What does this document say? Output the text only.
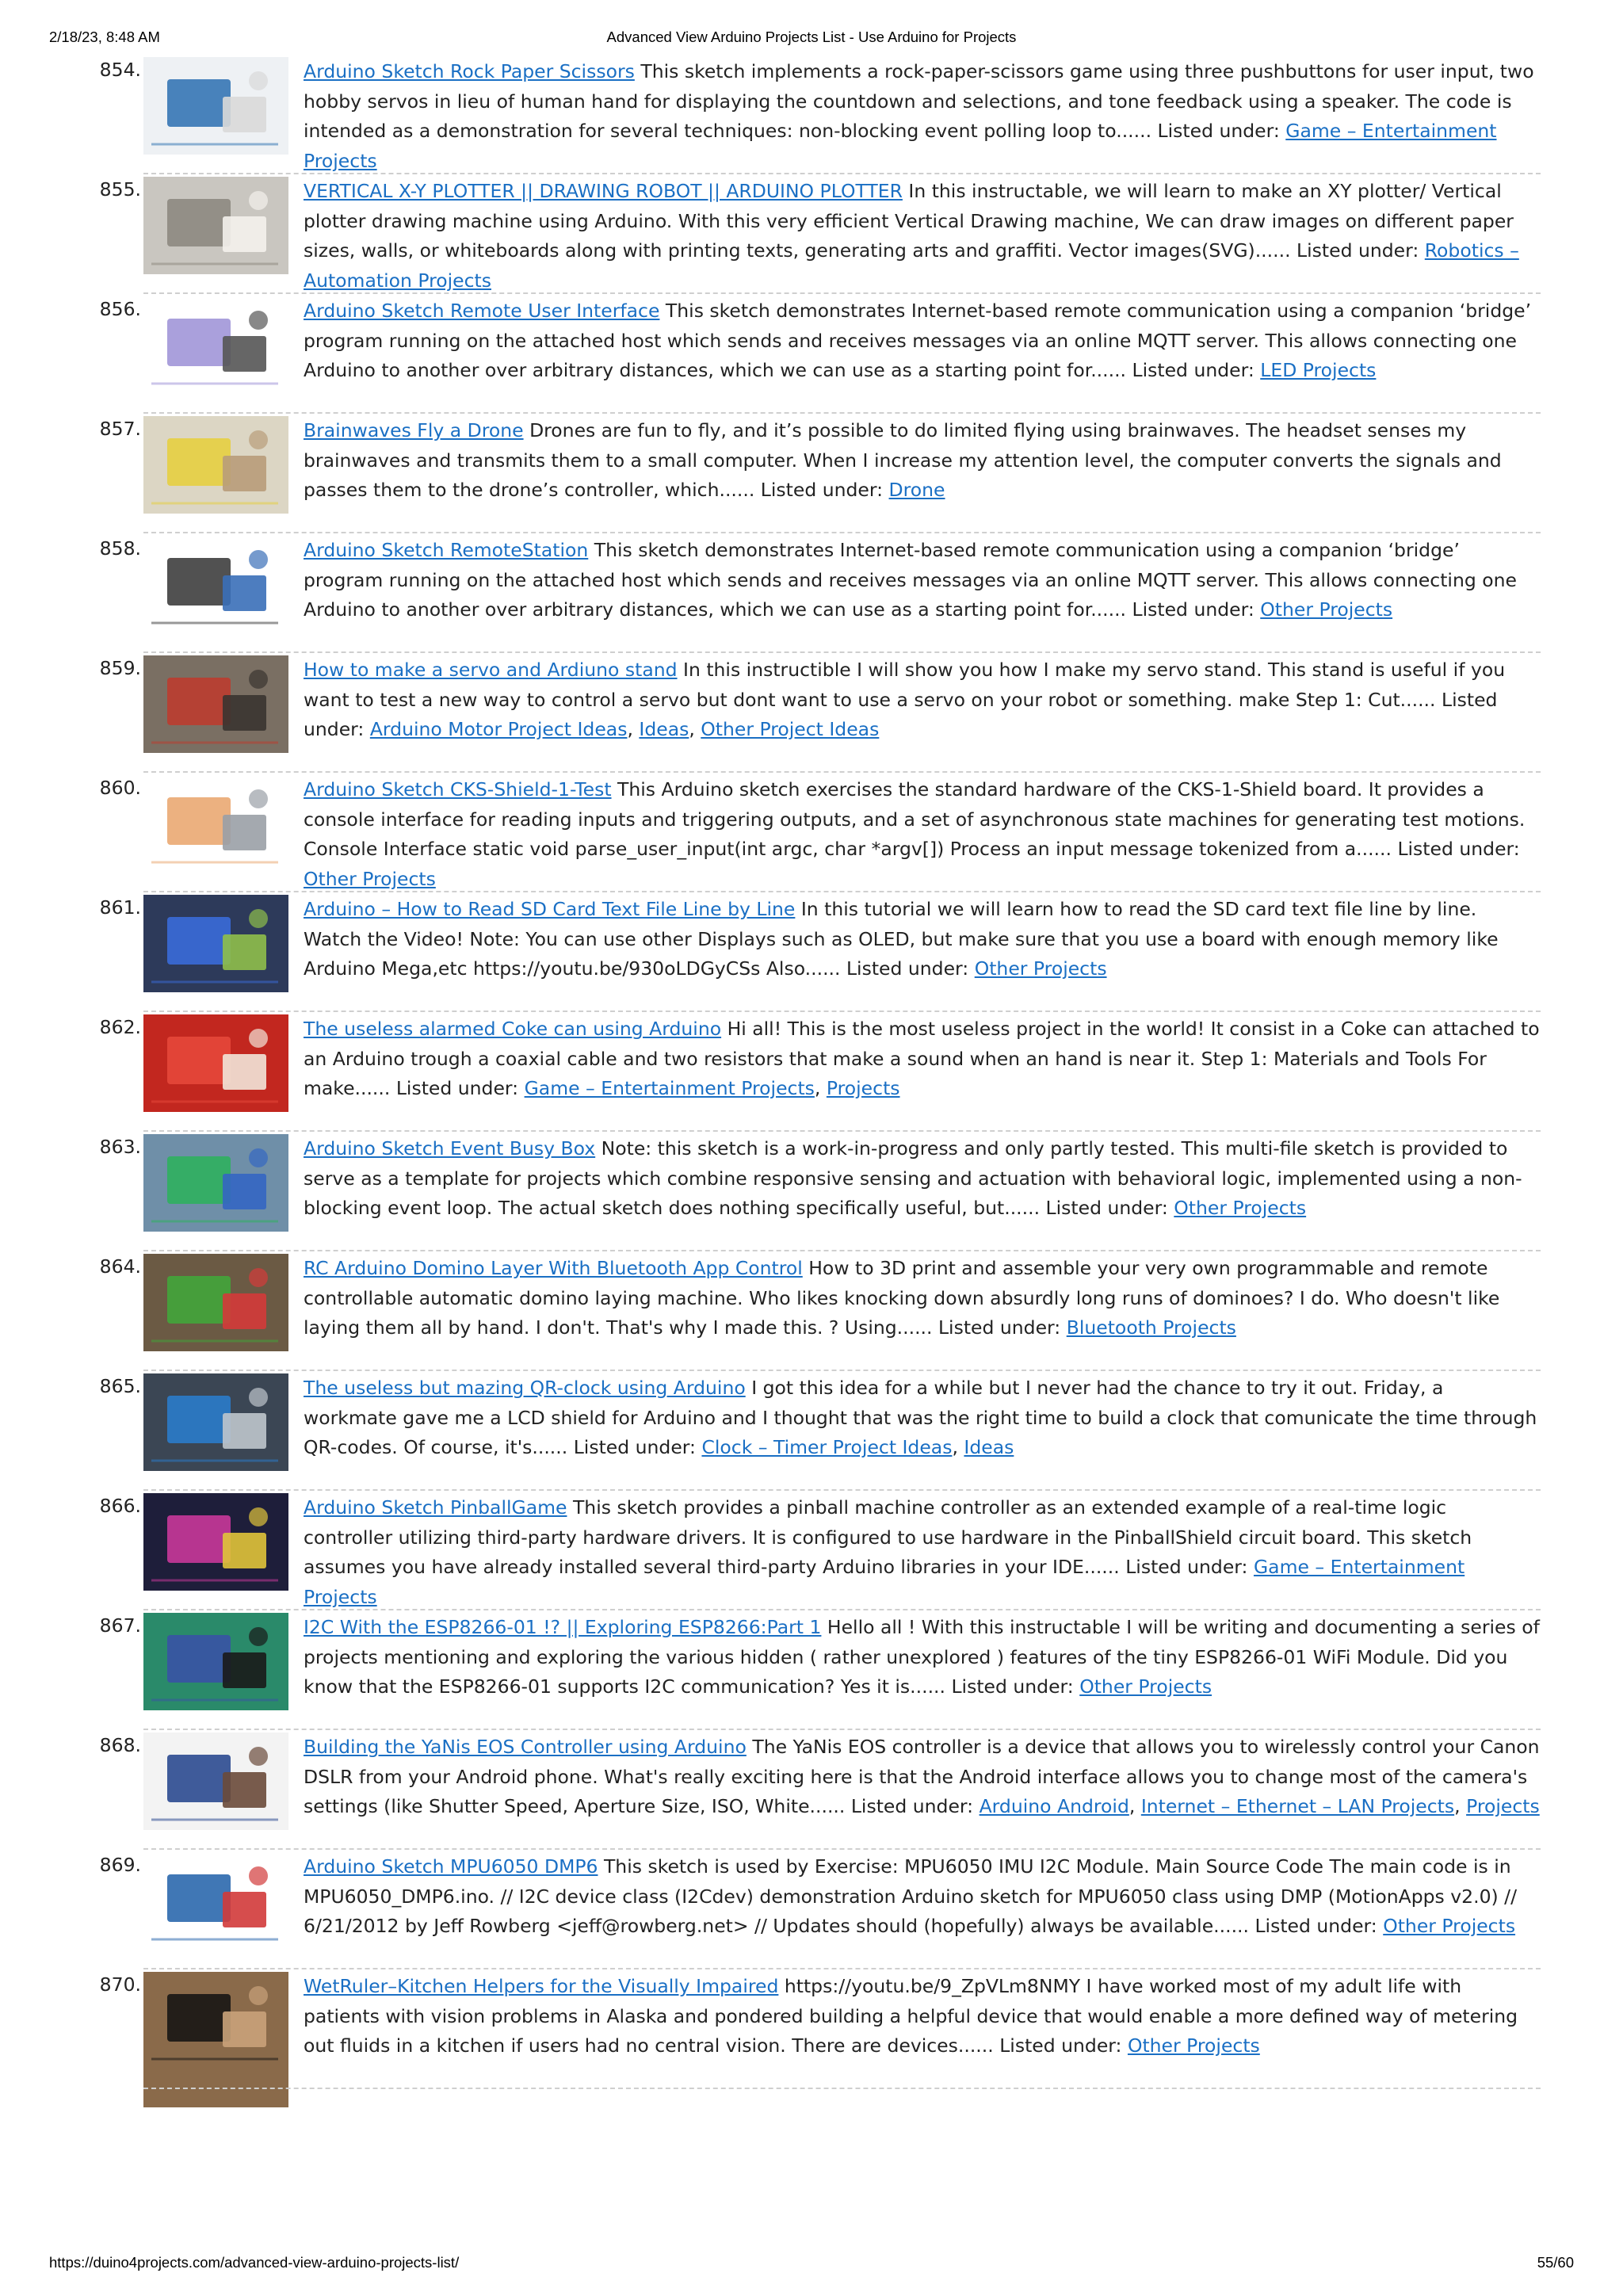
2/18/23, 8:48 AM	Advanced View Arduino Projects List - Use Arduino for Projects
854.	Arduino Sketch Rock Paper Scissors This sketch implements a rock-paper-scissors game using three pushbuttons for user input, two hobby servos in lieu of human hand for displaying the countdown and selections, and tone feedback using a speaker. The code is intended as a demonstration for several techniques: non-blocking event polling loop to...... Listed under: Game – Entertainment Projects
855.	VERTICAL X-Y PLOTTER || DRAWING ROBOT || ARDUINO PLOTTER In this instructable, we will learn to make an XY plotter/ Vertical plotter drawing machine using Arduino. With this very efficient Vertical Drawing machine, We can draw images on different paper sizes, walls, or whiteboards along with printing texts, generating arts and graffiti. Vector images(SVG)...... Listed under: Robotics – Automation Projects
856.	Arduino Sketch Remote User Interface This sketch demonstrates Internet-based remote communication using a companion ‘bridge’ program running on the attached host which sends and receives messages via an online MQTT server. This allows connecting one Arduino to another over arbitrary distances, which we can use as a starting point for...... Listed under: LED Projects
857.	Brainwaves Fly a Drone Drones are fun to fly, and it’s possible to do limited flying using brainwaves. The headset senses my brainwaves and transmits them to a small computer. When I increase my attention level, the computer converts the signals and passes them to the drone’s controller, which...... Listed under: Drone
858.	Arduino Sketch RemoteStation This sketch demonstrates Internet-based remote communication using a companion ‘bridge’ program running on the attached host which sends and receives messages via an online MQTT server. This allows connecting one Arduino to another over arbitrary distances, which we can use as a starting point for...... Listed under: Other Projects
859.	How to make a servo and Ardiuno stand In this instructible I will show you how I make my servo stand. This stand is useful if you want to test a new way to control a servo but dont want to use a servo on your robot or something. make Step 1: Cut...... Listed under: Arduino Motor Project Ideas, Ideas, Other Project Ideas
860.	Arduino Sketch CKS-Shield-1-Test This Arduino sketch exercises the standard hardware of the CKS-1-Shield board. It provides a console interface for reading inputs and triggering outputs, and a set of asynchronous state machines for generating test motions. Console Interface static void parse_user_input(int argc, char *argv[]) Process an input message tokenized from a...... Listed under: Other Projects
861.	Arduino – How to Read SD Card Text File Line by Line In this tutorial we will learn how to read the SD card text file line by line. Watch the Video! Note: You can use other Displays such as OLED, but make sure that you use a board with enough memory like Arduino Mega,etc https://youtu.be/930oLDGyCSs Also...... Listed under: Other Projects
862.	The useless alarmed Coke can using Arduino Hi all! This is the most useless project in the world! It consist in a Coke can attached to an Arduino trough a coaxial cable and two resistors that make a sound when an hand is near it. Step 1: Materials and Tools For make...... Listed under: Game – Entertainment Projects, Projects
863.	Arduino Sketch Event Busy Box Note: this sketch is a work-in-progress and only partly tested. This multi-file sketch is provided to serve as a template for projects which combine responsive sensing and actuation with behavioral logic, implemented using a non-blocking event loop. The actual sketch does nothing specifically useful, but...... Listed under: Other Projects
864.	RC Arduino Domino Layer With Bluetooth App Control How to 3D print and assemble your very own programmable and remote controllable automatic domino laying machine. Who likes knocking down absurdly long runs of dominoes? I do. Who doesn't like laying them all by hand. I don't. That's why I made this. ? Using...... Listed under: Bluetooth Projects
865.	The useless but mazing QR-clock using Arduino I got this idea for a while but I never had the chance to try it out. Friday, a workmate gave me a LCD shield for Arduino and I thought that was the right time to build a clock that comunicate the time through QR-codes. Of course, it's...... Listed under: Clock – Timer Project Ideas, Ideas
866.	Arduino Sketch PinballGame This sketch provides a pinball machine controller as an extended example of a real-time logic controller utilizing third-party hardware drivers. It is configured to use hardware in the PinballShield circuit board. This sketch assumes you have already installed several third-party Arduino libraries in your IDE...... Listed under: Game – Entertainment Projects
867.	I2C With the ESP8266-01 !? || Exploring ESP8266:Part 1 Hello all ! With this instructable I will be writing and documenting a series of projects mentioning and exploring the various hidden ( rather unexplored ) features of the tiny ESP8266-01 WiFi Module. Did you know that the ESP8266-01 supports I2C communication? Yes it is...... Listed under: Other Projects
868.	Building the YaNis EOS Controller using Arduino The YaNis EOS controller is a device that allows you to wirelessly control your Canon DSLR from your Android phone. What's really exciting here is that the Android interface allows you to change most of the camera's settings (like Shutter Speed, Aperture Size, ISO, White...... Listed under: Arduino Android, Internet – Ethernet – LAN Projects, Projects
869.	Arduino Sketch MPU6050 DMP6 This sketch is used by Exercise: MPU6050 IMU I2C Module. Main Source Code The main code is in MPU6050_DMP6.ino. // I2C device class (I2Cdev) demonstration Arduino sketch for MPU6050 class using DMP (MotionApps v2.0) // 6/21/2012 by Jeff Rowberg <jeff@rowberg.net> // Updates should (hopefully) always be available...... Listed under: Other Projects
870.	WetRuler–Kitchen Helpers for the Visually Impaired https://youtu.be/9_ZpVLm8NMY I have worked most of my adult life with patients with vision problems in Alaska and pondered building a helpful device that would enable a more defined way of metering out fluids in a kitchen if users had no central vision. There are devices...... Listed under: Other Projects
https://duino4projects.com/advanced-view-arduino-projects-list/	55/60
